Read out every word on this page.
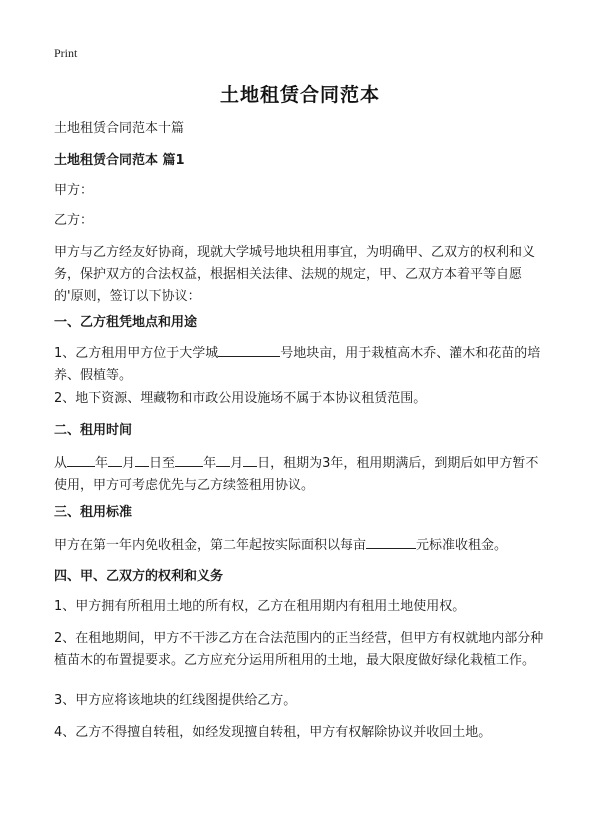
Print
土地租赁合同范本

土地租赁合同范本十篇

土地租赁合同范本 篇1

甲方：

乙方：

甲方与乙方经友好协商，现就大学城号地块租用事宜，为明确甲、乙双方的权利和义务，保护双方的合法权益，根据相关法律、法规的规定，甲、乙双方本着平等自愿的'原则，签订以下协议：

一、乙方租凭地点和用途

1、乙方租用甲方位于大学城	号地块亩，用于栽植高木乔、灌木和花苗的培养、假植等。

2、地下资源、埋藏物和市政公用设施场不属于本协议租赁范围。

二、租用时间

从 年 月 日至 年 月 日，租期为3年，租用期满后，到期后如甲方暂不使用，甲方可考虑优先与乙方续签租用协议。

三、租用标准

甲方在第一年内免收租金，第二年起按实际面积以每亩	元标准收租金。

四、甲、乙双方的权利和义务

1、甲方拥有所租用土地的所有权，乙方在租用期内有租用土地使用权。

2、在租地期间，甲方不干涉乙方在合法范围内的正当经营，但甲方有权就地内部分种植苗木的布置提要求。乙方应充分运用所租用的土地，最大限度做好绿化栽植工作。

3、甲方应将该地块的红线图提供给乙方。

4、乙方不得擅自转租，如经发现擅自转租，甲方有权解除协议并收回土地。
